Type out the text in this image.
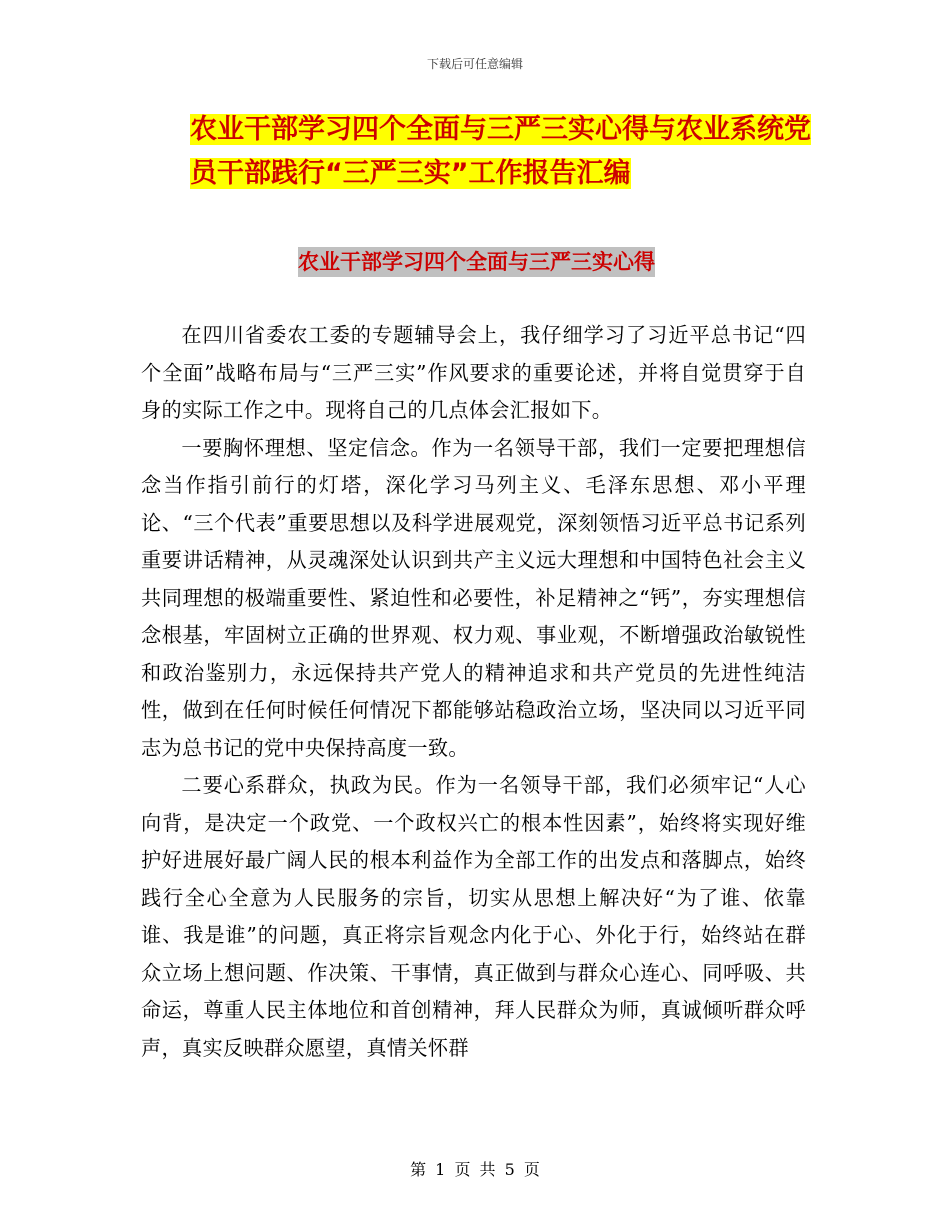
下载后可任意编辑
农业干部学习四个全面与三严三实心得与农业系统党
员干部践行“三严三实”工作报告汇编
农业干部学习四个全面与三严三实心得

在四川省委农工委的专题辅导会上，我仔细学习了习近平总书记“四个全面”战略布局与“三严三实”作风要求的重要论述，并将自觉贯穿于自身的实际工作之中。现将自己的几点体会汇报如下。

一要胸怀理想、坚定信念。作为一名领导干部，我们一定要把理想信念当作指引前行的灯塔，深化学习马列主义、毛泽东思想、邓小平理论、“三个代表”重要思想以及科学进展观党，深刻领悟习近平总书记系列重要讲话精神，从灵魂深处认识到共产主义远大理想和中国特色社会主义共同理想的极端重要性、紧迫性和必要性，补足精神之“钙”，夯实理想信念根基，牢固树立正确的世界观、权力观、事业观，不断增强政治敏锐性和政治鉴别力，永远保持共产党人的精神追求和共产党员的先进性纯洁性，做到在任何时候任何情况下都能够站稳政治立场，坚决同以习近平同志为总书记的党中央保持高度一致。

二要心系群众，执政为民。作为一名领导干部，我们必须牢记“人心向背，是决定一个政党、一个政权兴亡的根本性因素”，始终将实现好维护好进展好最广阔人民的根本利益作为全部工作的出发点和落脚点，始终践行全心全意为人民服务的宗旨，切实从思想上解决好“为了谁、依靠谁、我是谁”的问题，真正将宗旨观念内化于心、外化于行，始终站在群众立场上想问题、作决策、干事情，真正做到与群众心连心、同呼吸、共命运，尊重人民主体地位和首创精神，拜人民群众为师，真诚倾听群众呼声，真实反映群众愿望，真情关怀群

第 1 页 共 5 页
